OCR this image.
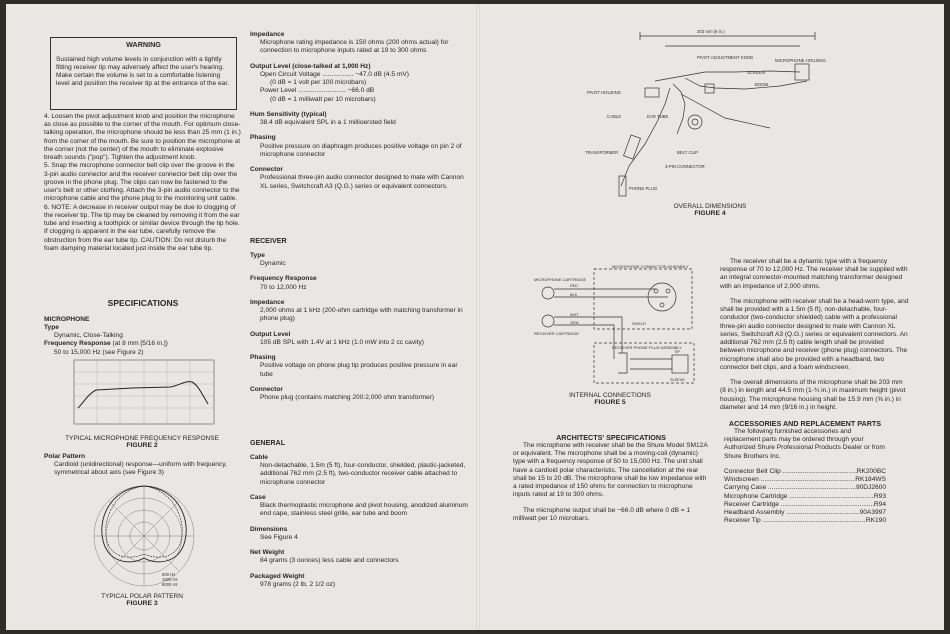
WARNING

Sustained high volume levels in conjunction with a tightly fitting receiver tip may adversely affect the user's hearing. Make certain the volume is set to a comfortable listening level and position the receiver tip at the entrance of the ear.

4. Loosen the pivot adjustment knob and position the microphone as close as possible to the corner of the mouth. For optimum close-talking operation, the microphone should be less than 25 mm (1 in.) from the corner of the mouth. Be sure to position the microphone at the corner (not the center) of the mouth to eliminate explosive breath sounds ("pop"). Tighten the adjustment knob.

5. Snap the microphone connector belt clip over the groove in the 3-pin audio connector and the receiver connector belt clip over the groove in the phone plug. The clips can now be fastened to the user's belt or other clothing. Attach the 3-pin audio connector to the microphone cable and the phone plug to the monitoring unit cable.

6. NOTE: A decrease in receiver output may be due to clogging of the receiver tip. The tip may be cleaned by removing it from the ear tube and inserting a toothpick or similar device through the tip hole. If clogging is apparent in the ear tube, carefully remove the obstruction from the ear tube tip. CAUTION: Do not disturb the foam damping material located just inside the ear tube tip.

SPECIFICATIONS
MICROPHONE
Type
Dynamic, Close-Talking
Frequency Response (at 8 mm [5/16 in.])
50 to 15,000 Hz (see Figure 2)
TYPICAL MICROPHONE FREQUENCY RESPONSE
FIGURE 2
Polar Pattern
Cardioid (unidirectional) response—uniform with frequency, symmetrical about axis (see Figure 3)
500 Hz
1000 Hz
6000 Hz
TYPICAL POLAR PATTERN
FIGURE 3
Impedance
Microphone rating impedance is 150 ohms (200 ohms actual) for connection to microphone inputs rated at 19 to 300 ohms
Output Level (close-talked at 1,000 Hz)
Open Circuit Voltage ................. −47.0 dB (4.5 mV)
(0 dB = 1 volt per 100 microbars)
Power Level .......................... −66.0 dB
(0 dB = 1 milliwatt per 10 microbars)
Hum Sensitivity (typical)
38.4 dB equivalent SPL in a 1 millioersted field
Phasing
Positive pressure on diaphragm produces positive voltage on pin 2 of microphone connector
Connector
Professional three-pin audio connector designed to mate with Cannon XL series, Switchcraft A3 (Q.G.) series or equivalent connectors.
RECEIVER
Type
Dynamic
Frequency Response
70 to 12,000 Hz
Impedance
2,000 ohms at 1 kHz (200-ohm cartridge with matching transformer in phone plug)
Output Level
105 dB SPL with 1.4V at 1 kHz (1.0 mW into 2 cc cavity)
Phasing
Positive voltage on phone plug tip produces positive pressure in ear tube
Connector
Phone plug (contains matching 200:2,000 ohm transformer)
GENERAL
Cable
Non-detachable, 1.5m (5 ft), four-conductor, shielded, plastic-jacketed, additional 762 mm (2.5 ft), two-conductor receiver cable attached to microphone connector
Case
Black thermoplastic microphone and pivot housing, anodized aluminum end cape, stainless steel grille, ear tube and boom
Dimensions
See Figure 4
Net Weight
84 grams (3 ounces) less cable and connectors
Packaged Weight
978 grams (2 lb, 2 1/2 oz)
203 mm (8 in.)
PIVOT ADJUSTMENT KNOB
BOOM
MICROPHONE HOUSING
PIVOT HOUSING
SCREEN
CABLE	EAR TUBE
BELT CLIP
TRANSFORMER
3-PIN CONNECTOR
PHONE PLUG
OVERALL DIMENSIONS
FIGURE 4
MICROPHONE CONNECTOR ASSEMBLY
MICROPHONE CARTRIDGE
RECEIVER CARTRIDGE
RECEIVER PHONE PLUG ASSEMBLY
RED
BLK
WHT
GRN	SHIELD
TIP
SLEEVE
INTERNAL CONNECTIONS
FIGURE 5
ARCHITECTS' SPECIFICATIONS

The microphone with receiver shall be the Shure Model SM12A or equivalent. The microphone shall be a moving-coil (dynamic) type with a frequency response of 50 to 15,000 Hz. The unit shall have a cardioid polar characteristic. The cancellation at the rear shall be 15 to 20 dB. The microphone shall be low impedance with a rated impedance of 150 ohms for connection to microphone inputs rated at 19 to 300 ohms.

The microphone output shall be −66.0 dB where 0 dB = 1 milliwatt per 10 microbars.

The receiver shall be a dynamic type with a frequency response of 70 to 12,000 Hz. The receiver shall be supplied with an integral connector-mounted matching transformer designed with an impedance of 2,000 ohms.

The microphone with receiver shall be a head-worn type, and shall be provided with a 1.5m (5 ft), non-detachable, four-conductor (two-conductor shielded) cable with a professional three-pin audio connector designed to mate with Cannon XL series, Switchcraft A3 (Q.G.) series or equivalent connectors. An additional 762 mm (2.5 ft) cable length shall be provided between microphone and receiver (phone plug) connectors. The microphone shall also be provided with a headband, two connector belt clips, and a foam windscreen.

The overall dimensions of the microphone shall be 203 mm (8 in.) in length and 44.5 mm (1-¾ in.) in maximum height (pivot housing). The microphone housing shall be 15.9 mm (⅝ in.) in diameter and 14 mm (9/16 in.) in height.

ACCESSORIES AND REPLACEMENT PARTS

The following furnished accessories and replacement parts may be ordered through your Authorized Shure Professional Products Dealer or from Shure Brothers Inc.

Connector Belt Clip .....	RK200BC
Windscreen .....	RK184WS
Carrying Case .....	90DJ2600
Microphone Cartridge .....	R93
Receiver Cartridge .....	R94
Headband Assembly .....	90A3997
Receiver Tip .....	RK190
